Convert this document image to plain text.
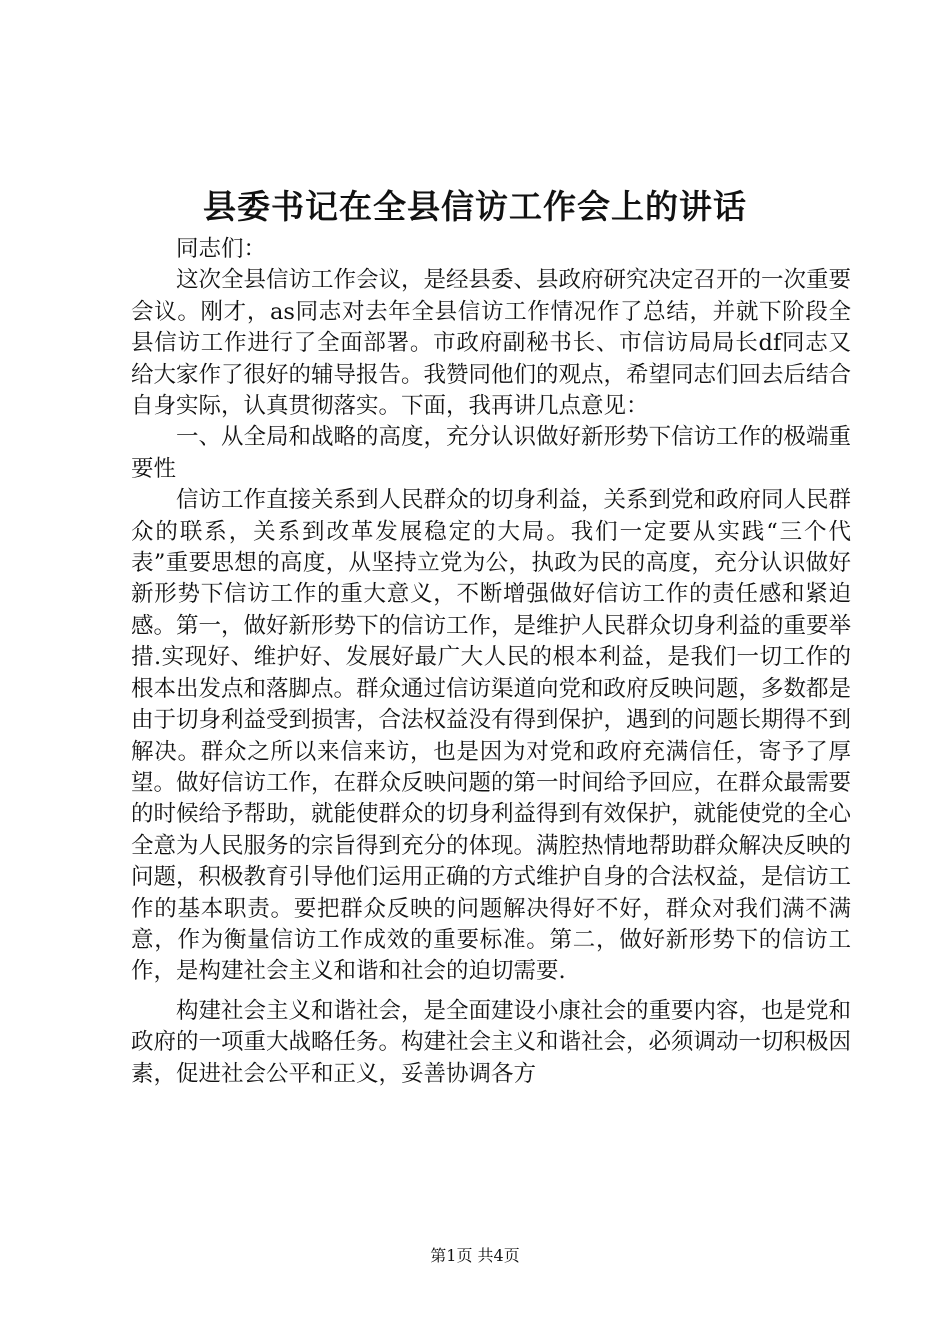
县委书记在全县信访工作会上的讲话

同志们：

这次全县信访工作会议，是经县委、县政府研究决定召开的一次重要会议。刚才，as同志对去年全县信访工作情况作了总结，并就下阶段全县信访工作进行了全面部署。市政府副秘书长、市信访局局长df同志又给大家作了很好的辅导报告。我赞同他们的观点，希望同志们回去后结合自身实际，认真贯彻落实。下面，我再讲几点意见：

一、从全局和战略的高度，充分认识做好新形势下信访工作的极端重要性

信访工作直接关系到人民群众的切身利益，关系到党和政府同人民群众的联系，关系到改革发展稳定的大局。我们一定要从实践“三个代表”重要思想的高度，从坚持立党为公，执政为民的高度，充分认识做好新形势下信访工作的重大意义，不断增强做好信访工作的责任感和紧迫感。第一，做好新形势下的信访工作，是维护人民群众切身利益的重要举措.实现好、维护好、发展好最广大人民的根本利益，是我们一切工作的根本出发点和落脚点。群众通过信访渠道向党和政府反映问题，多数都是由于切身利益受到损害，合法权益没有得到保护，遇到的问题长期得不到解决。群众之所以来信来访，也是因为对党和政府充满信任，寄予了厚望。做好信访工作，在群众反映问题的第一时间给予回应，在群众最需要的时候给予帮助，就能使群众的切身利益得到有效保护，就能使党的全心全意为人民服务的宗旨得到充分的体现。满腔热情地帮助群众解决反映的问题，积极教育引导他们运用正确的方式维护自身的合法权益，是信访工作的基本职责。要把群众反映的问题解决得好不好，群众对我们满不满意，作为衡量信访工作成效的重要标准。第二，做好新形势下的信访工作，是构建社会主义和谐和社会的迫切需要.

构建社会主义和谐社会，是全面建设小康社会的重要内容，也是党和政府的一项重大战略任务。构建社会主义和谐社会，必须调动一切积极因素，促进社会公平和正义，妥善协调各方

第1页 共4页
